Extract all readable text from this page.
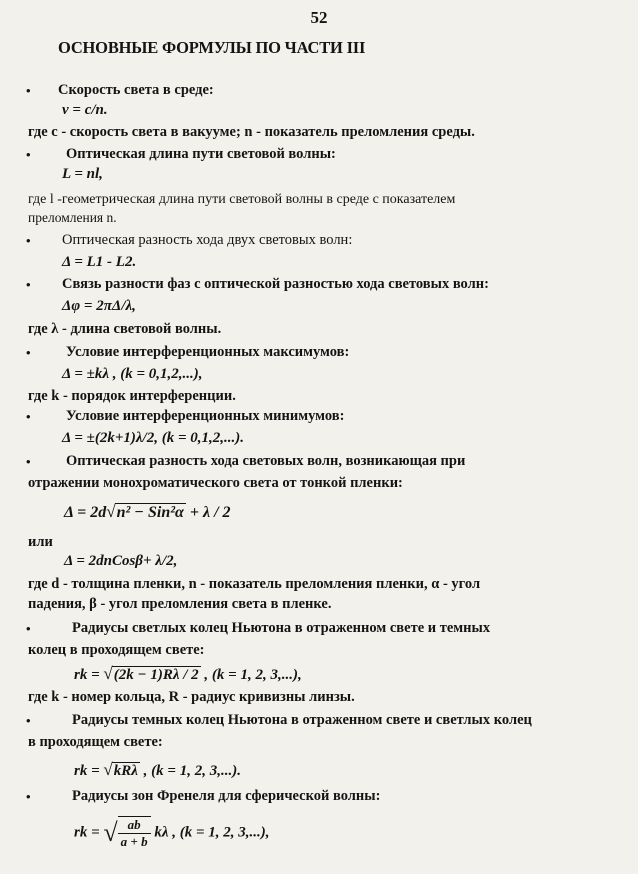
52
ОСНОВНЫЕ ФОРМУЛЫ ПО ЧАСТИ III
• Скорость света в среде:
v = c/n.
где c - скорость света в вакууме; n - показатель преломления среды.
• Оптическая длина пути световой волны:
L = nl,
где l -геометрическая длина пути световой волны в среде с показателем
преломления n.
• Оптическая разность хода двух световых волн:
Δ = L1 - L2.
• Связь разности фаз с оптической разностью хода световых волн:
Δφ = 2πΔ/λ,
где λ - длина световой волны.
• Условие интерференционных максимумов:
Δ = ±kλ , (k = 0,1,2,...),
где k - порядок интерференции.
• Условие интерференционных минимумов:
Δ = ±(2k+1)λ/2, (k = 0,1,2,...).
• Оптическая разность хода световых волн, возникающая при
отражении монохроматического света от тонкой пленки:
Δ = 2d√n² − Sin²α + λ / 2
или
Δ = 2dnCosβ+ λ/2,
где d - толщина пленки, n - показатель преломления пленки, α - угол
падения, β - угол преломления света в пленке.
•	Радиусы светлых колец Ньютона в отраженном свете и темных
колец в проходящем свете:
rk = √(2k − 1)Rλ / 2 , (k = 1, 2, 3,...),
где k - номер кольца, R - радиус кривизны линзы.
•	Радиусы темных колец Ньютона в отраженном свете и светлых колец
в проходящем свете:
rk = √kRλ , (k = 1, 2, 3,...).
•	Радиусы зон Френеля для сферической волны:
rk = √ $\frac{ab}{a + b}$ kλ , (k = 1, 2, 3,...),
